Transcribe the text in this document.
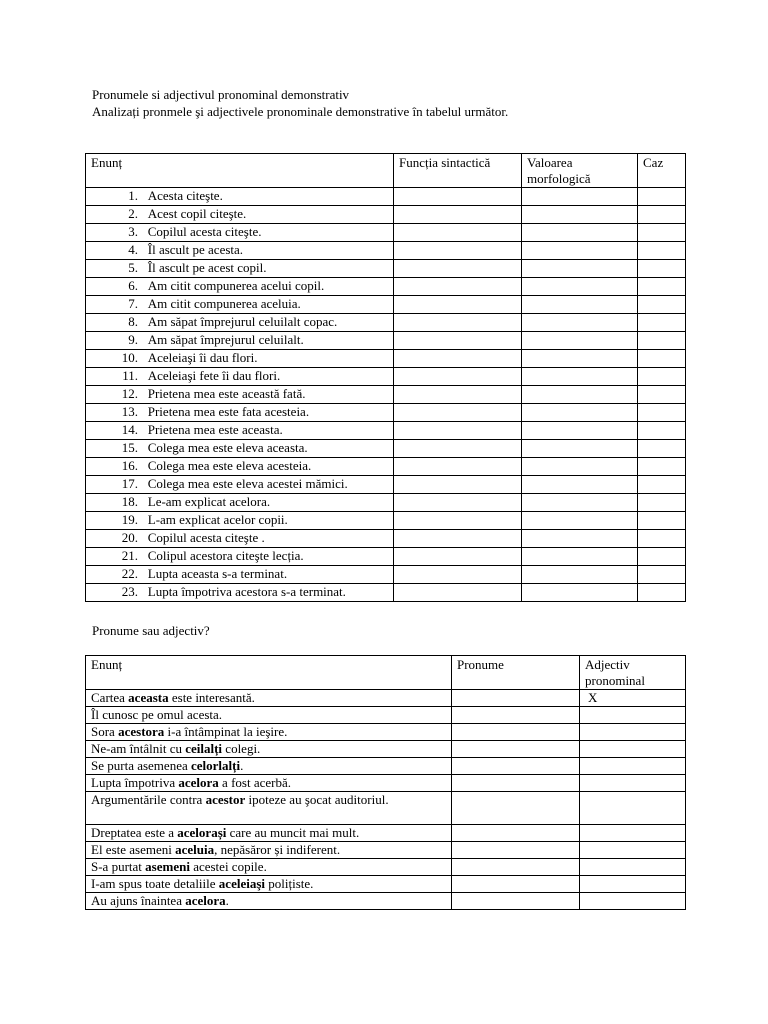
Pronumele si adjectivul pronominal demonstrativ
Analizați pronmele şi adjectivele pronominale demonstrative în tabelul următor.
Enunț	Funcția sintactică	Valoarea morfologică	Caz
1. Acesta citeşte.			
2. Acest copil citeşte.			
3. Copilul acesta citeşte.			
4. Îl ascult pe acesta.			
5. Îl ascult pe acest copil.			
6. Am citit compunerea acelui copil.			
7. Am citit compunerea aceluia.			
8. Am săpat împrejurul celuilalt copac.			
9. Am săpat împrejurul celuilalt.			
10. Aceleiaşi îi dau flori.			
11. Aceleiaşi fete îi dau flori.			
12. Prietena mea este această fată.			
13. Prietena mea este fata acesteia.			
14. Prietena mea este aceasta.			
15. Colega mea este eleva aceasta.			
16. Colega mea este eleva acesteia.			
17. Colega mea este eleva acestei mămici.			
18. Le-am explicat acelora.			
19. L-am explicat acelor copii.			
20. Copilul acesta citeşte .			
21. Colipul acestora citeşte lecția.			
22. Lupta aceasta s-a terminat.			
23. Lupta împotriva acestora s-a terminat.			
Pronume sau adjectiv?
Enunț	Pronume	Adjectiv pronominal
Cartea aceasta este interesantă.		X
Îl cunosc pe omul acesta.		
Sora acestora i-a întâmpinat la ieşire.		
Ne-am întâlnit cu ceilalți colegi.		
Se purta asemenea celorlalți.		
Lupta împotriva acelora a fost acerbă.		
Argumentările contra acestor ipoteze au şocat auditoriul.		
Dreptatea este a acelorași care au muncit mai mult.		
El este asemeni aceluia, nepăsăror și indiferent.		
S-a purtat asemeni acestei copile.		
I-am spus toate detaliile aceleiaşi polițiste.		
Au ajuns înaintea acelora.		
